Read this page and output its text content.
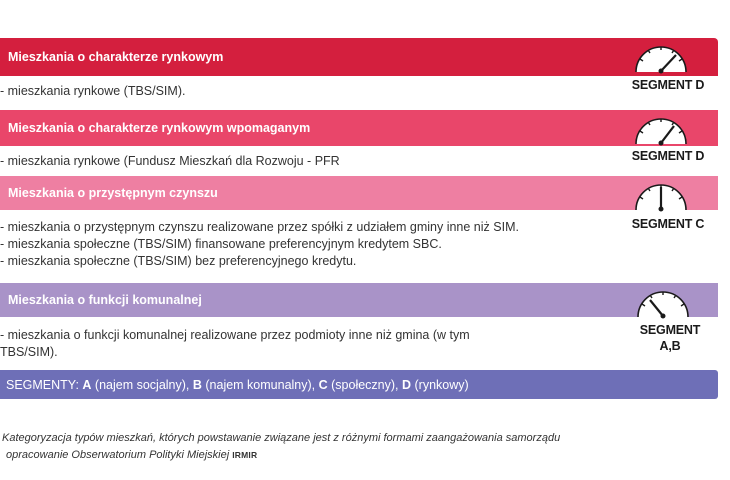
Mieszkania o charakterze rynkowym
- mieszkania rynkowe (TBS/SIM).	SEGMENT D
Mieszkania o charakterze rynkowym wpomaganym
- mieszkania rynkowe (Fundusz Mieszkań dla Rozwoju - PFR	SEGMENT D
Mieszkania o przystępnym czynszu
- mieszkania o przystępnym czynszu realizowane przez spółki z udziałem gminy inne niż SIM.
- mieszkania społeczne (TBS/SIM) finansowane preferencyjnym kredytem SBC.
- mieszkania społeczne (TBS/SIM) bez preferencyjnego kredytu.
SEGMENT C
Mieszkania o funkcji komunalnej
- mieszkania o funkcji komunalnej realizowane przez podmioty inne niż gmina (w tym
TBS/SIM).
SEGMENT
A,B
SEGMENTY: A (najem socjalny), B (najem komunalny), C (społeczny), D (rynkowy)
Kategoryzacja typów mieszkań, których powstawanie związane jest z różnymi formami zaangażowania samorządu
opracowanie Obserwatorium Polityki Miejskiej IRMIR
